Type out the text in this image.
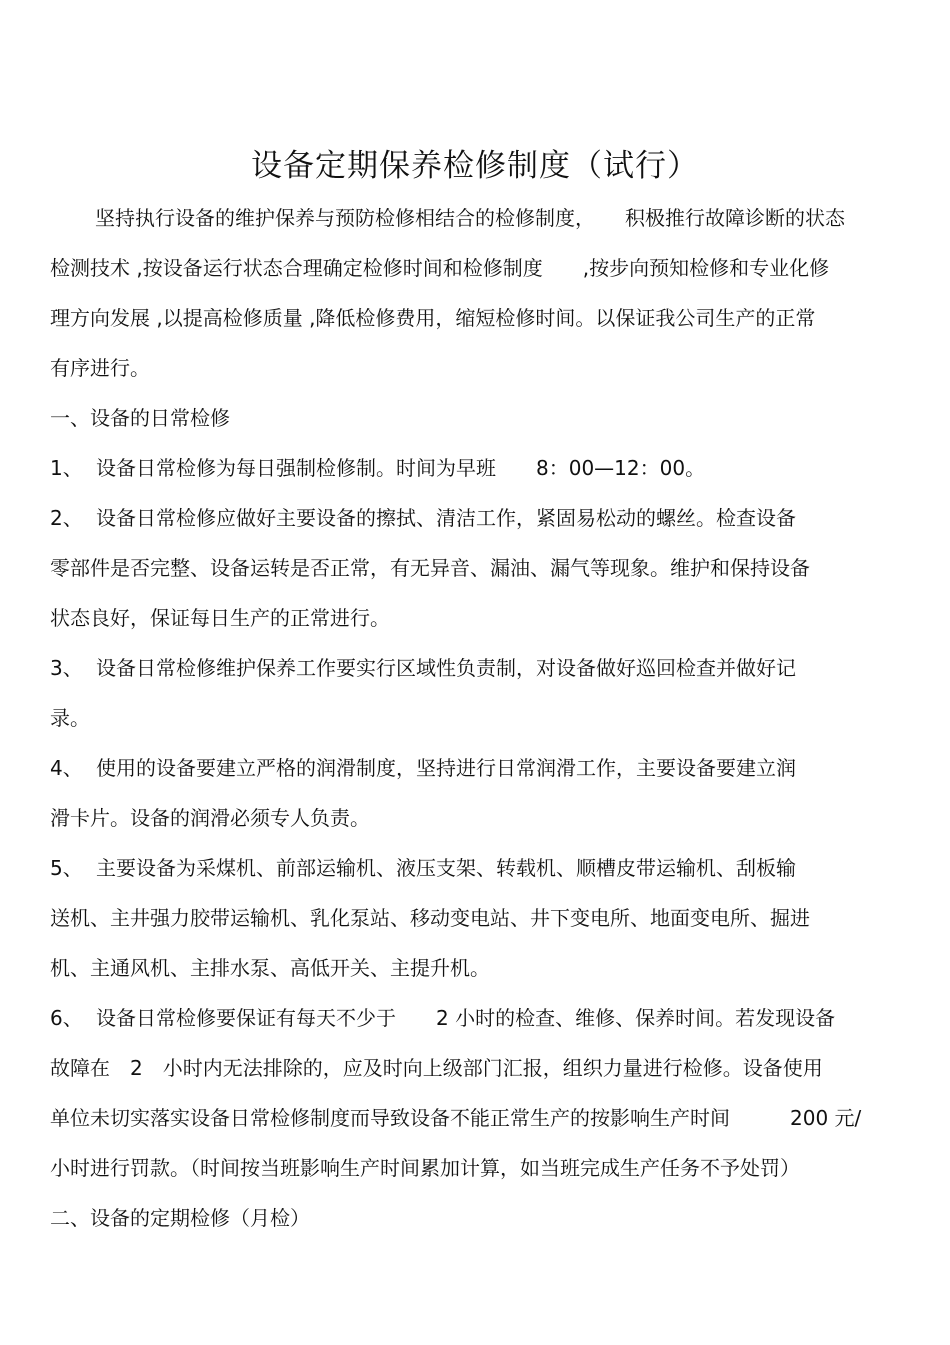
设备定期保养检修制度（试行）

坚持执行设备的维护保养与预防检修相结合的检修制度，　　积极推行故障诊断的状态

检测技术 ,按设备运行状态合理确定检修时间和检修制度　　,按步向预知检修和专业化修

理方向发展 ,以提高检修质量 ,降低检修费用，缩短检修时间。以保证我公司生产的正常

有序进行。

一、设备的日常检修

1、 设备日常检修为每日强制检修制。时间为早班　　8：00—12：00。

2、 设备日常检修应做好主要设备的擦拭、清洁工作，紧固易松动的螺丝。检查设备

零部件是否完整、设备运转是否正常，有无异音、漏油、漏气等现象。维护和保持设备

状态良好，保证每日生产的正常进行。

3、 设备日常检修维护保养工作要实行区域性负责制，对设备做好巡回检查并做好记

录。

4、 使用的设备要建立严格的润滑制度，坚持进行日常润滑工作，主要设备要建立润

滑卡片。设备的润滑必须专人负责。

5、 主要设备为采煤机、前部运输机、液压支架、转载机、顺槽皮带运输机、刮板输

送机、主井强力胶带运输机、乳化泵站、移动变电站、井下变电所、地面变电所、掘进

机、主通风机、主排水泵、高低开关、主提升机。

6、 设备日常检修要保证有每天不少于　　2 小时的检查、维修、保养时间。若发现设备

故障在　2　小时内无法排除的，应及时向上级部门汇报，组织力量进行检修。设备使用

单位未切实落实设备日常检修制度而导致设备不能正常生产的按影响生产时间　　　200 元/

小时进行罚款。（时间按当班影响生产时间累加计算，如当班完成生产任务不予处罚）

二、设备的定期检修（月检）
